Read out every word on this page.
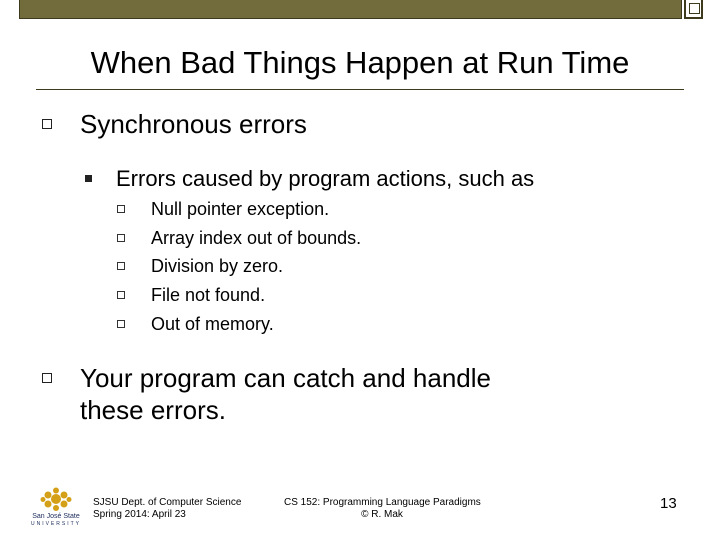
When Bad Things Happen at Run Time
Synchronous errors
Errors caused by program actions, such as
Null pointer exception.
Array index out of bounds.
Division by zero.
File not found.
Out of memory.
Your program can catch and handle
these errors.
San José State
UNIVERSITY
SJSU Dept. of Computer Science
Spring 2014: April 23
CS 152: Programming Language Paradigms
© R. Mak
13
